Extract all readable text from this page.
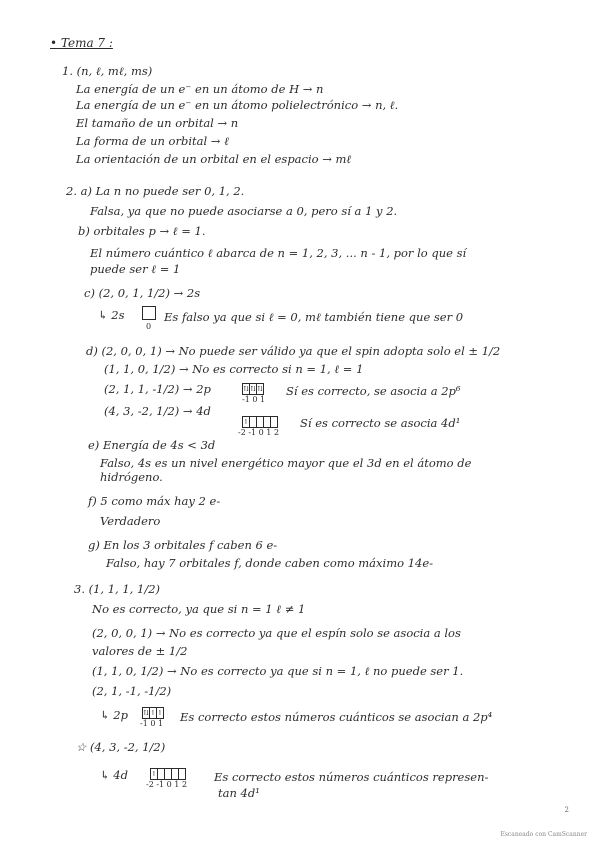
• Tema 7 :
1. (n, ℓ, mℓ, ms)
La energía de un e⁻ en un átomo de H → n
La energía de un e⁻ en un átomo polielectrónico → n, ℓ.
El tamaño de un orbital → n
La forma de un orbital → ℓ
La orientación de un orbital en el espacio → mℓ
2. a) La n no puede ser 0, 1, 2.
Falsa, ya que no puede asociarse a 0, pero sí a 1 y 2.
b) orbitales p → ℓ = 1.
El número cuántico ℓ abarca de n = 1, 2, 3, ... n - 1, por lo que sí
puede ser ℓ = 1
c) (2, 0, 1, 1/2) → 2s
↳ 2s
0
Es falso ya que si ℓ = 0, mℓ también tiene que ser 0
d) (2, 0, 0, 1) → No puede ser válido ya que el spin adopta solo el ± 1/2
(1, 1, 0, 1/2) → No es correcto si n = 1, ℓ = 1
(2, 1, 1, -1/2) → 2p	⇅ ⇅ ⇅
-1 0 1
Sí es correcto, se asocia a 2p⁶
(4, 3, -2, 1/2) → 4d
↿
-2 -1 0 1 2
Sí es correcto se asocia 4d¹
e) Energía de 4s < 3d
Falso, 4s es un nivel energético mayor que el 3d en el átomo de
hidrógeno.
f) 5 como máx hay 2 e-
Verdadero
g) En los 3 orbitales f caben 6 e-
Falso, hay 7 orbitales f, donde caben como máximo 14e-
3. (1, 1, 1, 1/2)
No es correcto, ya que si n = 1 ℓ ≠ 1
(2, 0, 0, 1) → No es correcto ya que el espín solo se asocia a los
valores de ± 1/2
(1, 1, 0, 1/2) → No es correcto ya que si n = 1, ℓ no puede ser 1.
(2, 1, -1, -1/2)
↳ 2p ⇅ ↿ ↿
-1 0 1 Es correcto estos números cuánticos se asocian a 2p⁴
☆ (4, 3, -2, 1/2)
↳ 4d	↿
-2 -1 0 1 2
Es correcto estos números cuánticos represen-
tan 4d¹
2
Escaneado con CamScanner
